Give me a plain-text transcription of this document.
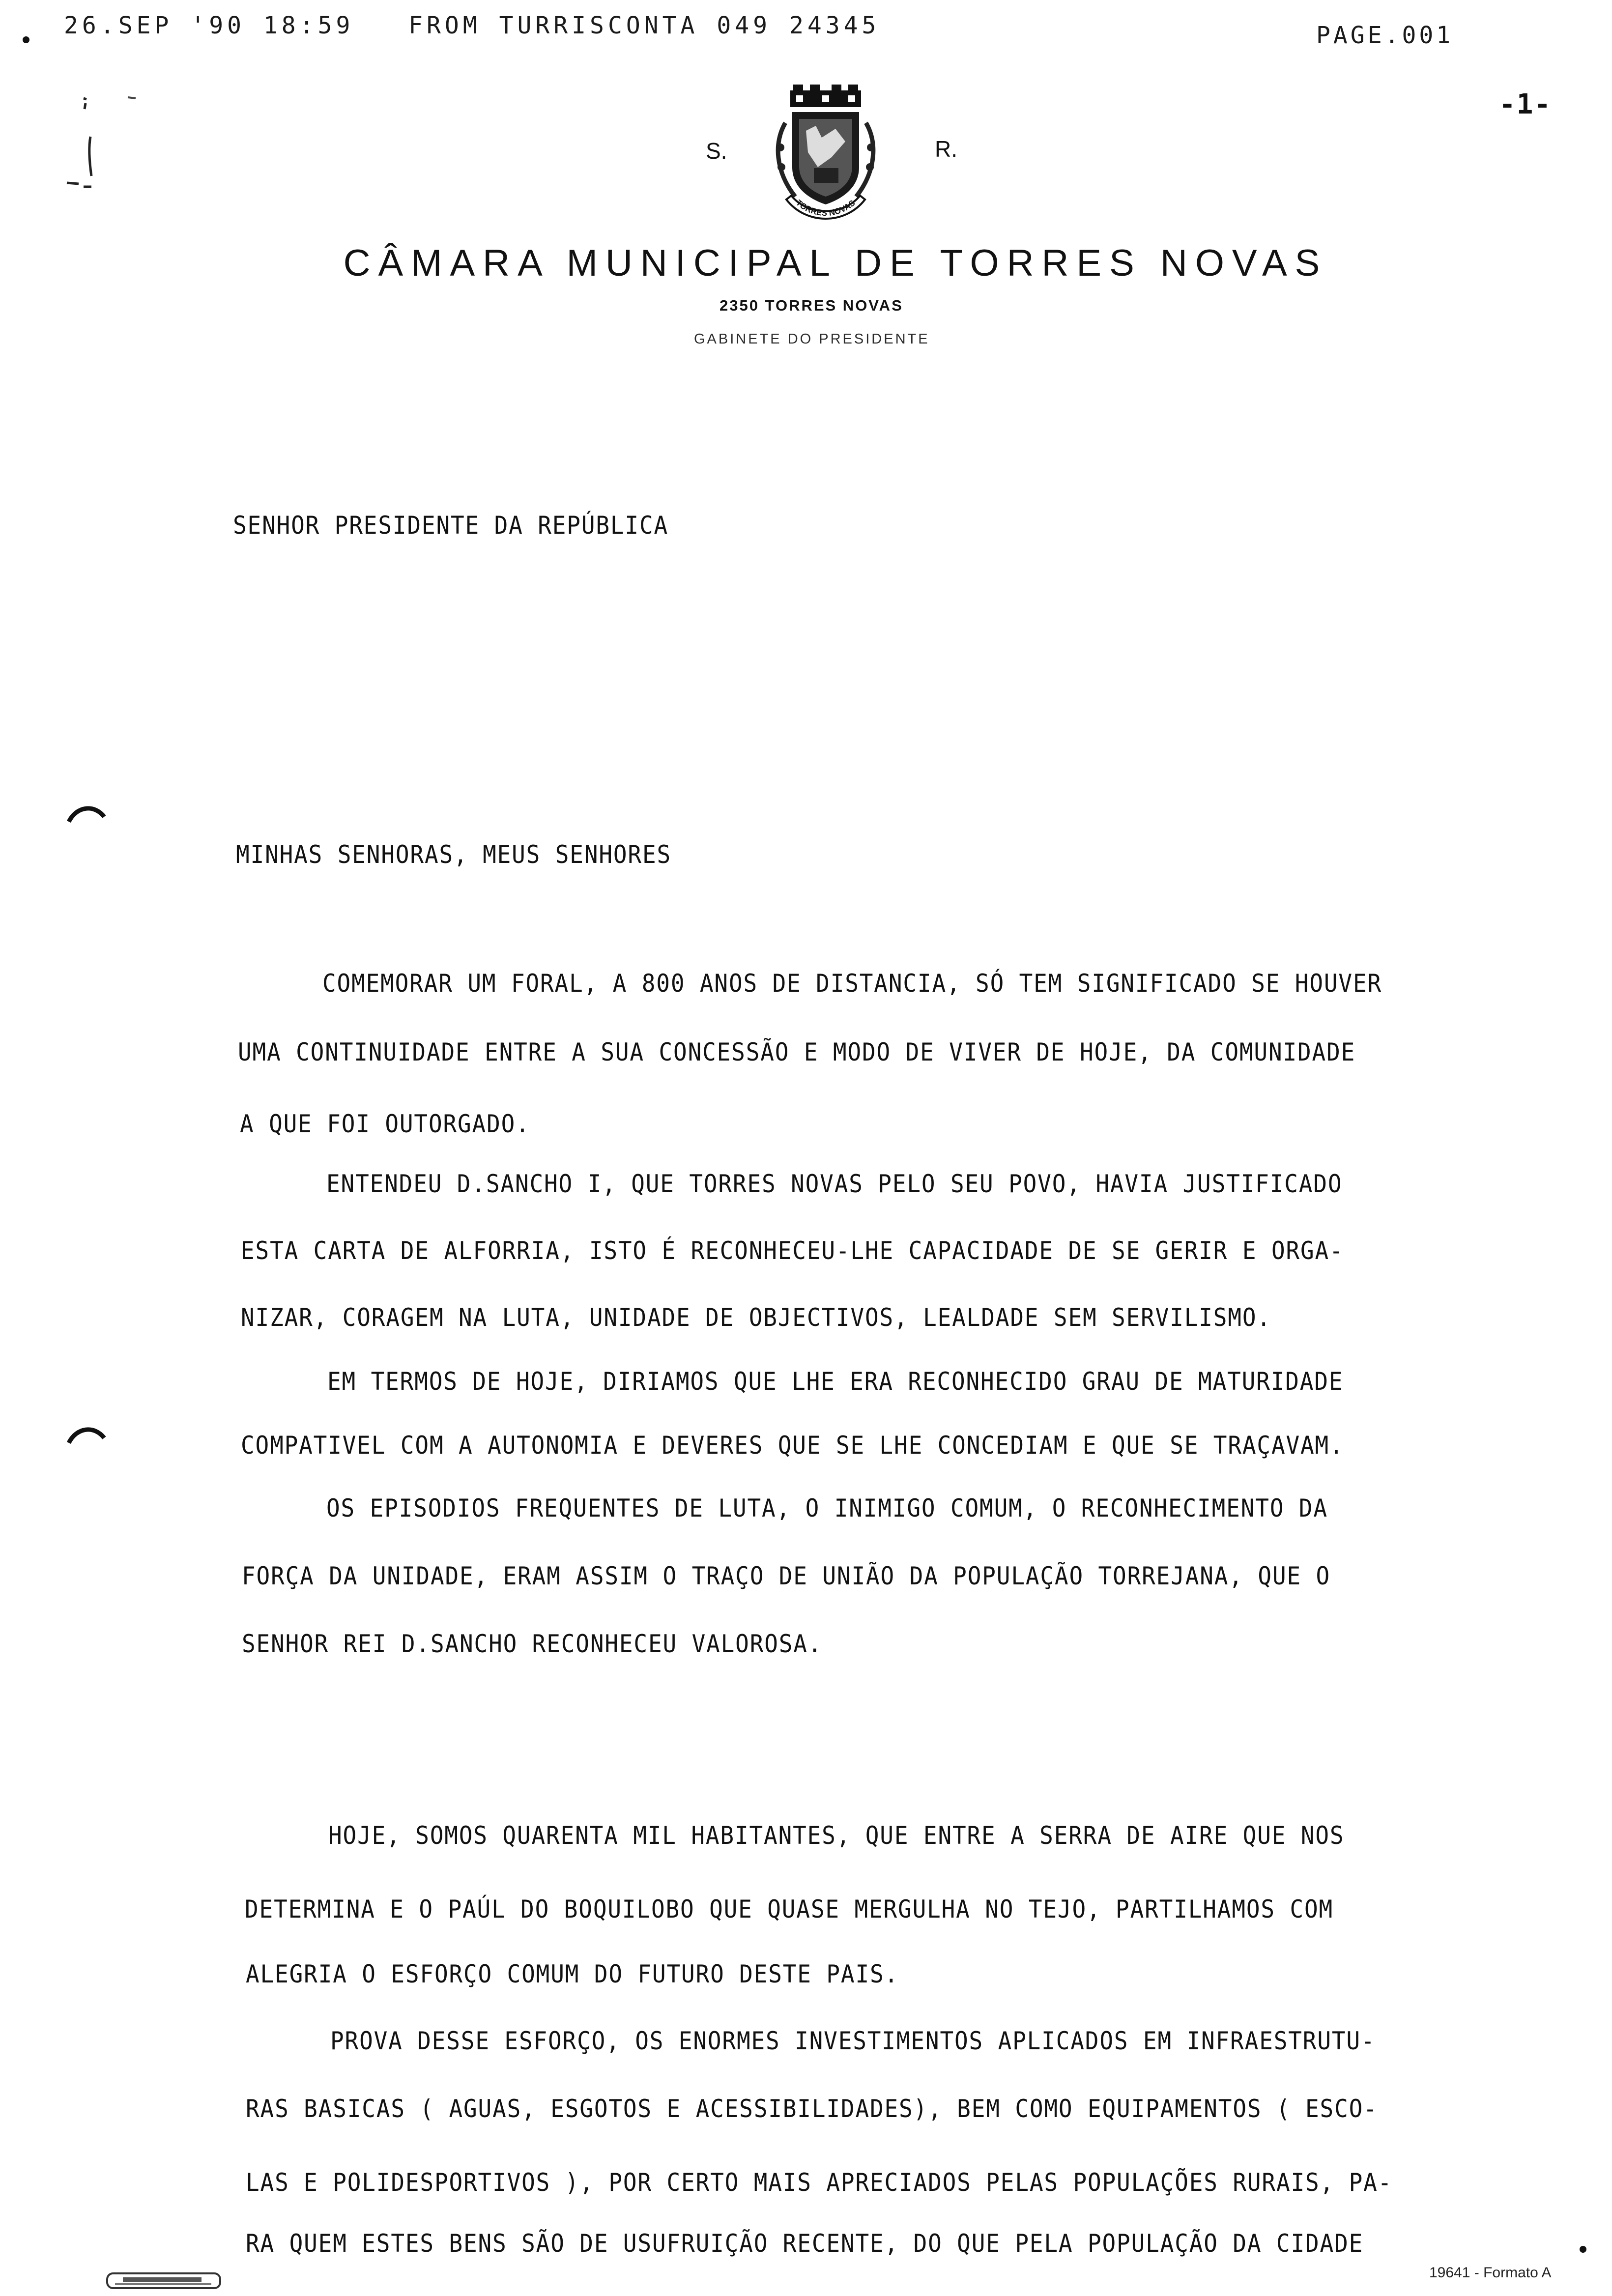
26.SEP '90 18:59   FROM TURRISCONTA 049 24345	PAGE.001
-1-
TORRES NOVAS
S.	R.
CÂMARA MUNICIPAL DE TORRES NOVAS
2350 TORRES NOVAS
GABINETE DO PRESIDENTE
SENHOR PRESIDENTE DA REPÚBLICA
MINHAS SENHORAS, MEUS SENHORES
COMEMORAR UM FORAL, A 800 ANOS DE DISTANCIA, SÓ TEM SIGNIFICADO SE HOUVER
UMA CONTINUIDADE ENTRE A SUA CONCESSÃO E MODO DE VIVER DE HOJE, DA COMUNIDADE
A QUE FOI OUTORGADO.
ENTENDEU D.SANCHO I, QUE TORRES NOVAS PELO SEU POVO, HAVIA JUSTIFICADO
ESTA CARTA DE ALFORRIA, ISTO É RECONHECEU-LHE CAPACIDADE DE SE GERIR E ORGA-
NIZAR, CORAGEM NA LUTA, UNIDADE DE OBJECTIVOS, LEALDADE SEM SERVILISMO.
EM TERMOS DE HOJE, DIRIAMOS QUE LHE ERA RECONHECIDO GRAU DE MATURIDADE
COMPATIVEL COM A AUTONOMIA E DEVERES QUE SE LHE CONCEDIAM E QUE SE TRAÇAVAM.
OS EPISODIOS FREQUENTES DE LUTA, O INIMIGO COMUM, O RECONHECIMENTO DA
FORÇA DA UNIDADE, ERAM ASSIM O TRAÇO DE UNIÃO DA POPULAÇÃO TORREJANA, QUE O
SENHOR REI D.SANCHO RECONHECEU VALOROSA.
HOJE, SOMOS QUARENTA MIL HABITANTES, QUE ENTRE A SERRA DE AIRE QUE NOS
DETERMINA E O PAÚL DO BOQUILOBO QUE QUASE MERGULHA NO TEJO, PARTILHAMOS COM
ALEGRIA O ESFORÇO COMUM DO FUTURO DESTE PAIS.
PROVA DESSE ESFORÇO, OS ENORMES INVESTIMENTOS APLICADOS EM INFRAESTRUTU-
RAS BASICAS ( AGUAS, ESGOTOS E ACESSIBILIDADES), BEM COMO EQUIPAMENTOS ( ESCO-
LAS E POLIDESPORTIVOS ), POR CERTO MAIS APRECIADOS PELAS POPULAÇÕES RURAIS, PA-
RA QUEM ESTES BENS SÃO DE USUFRUIÇÃO RECENTE, DO QUE PELA POPULAÇÃO DA CIDADE
19641 - Formato A
